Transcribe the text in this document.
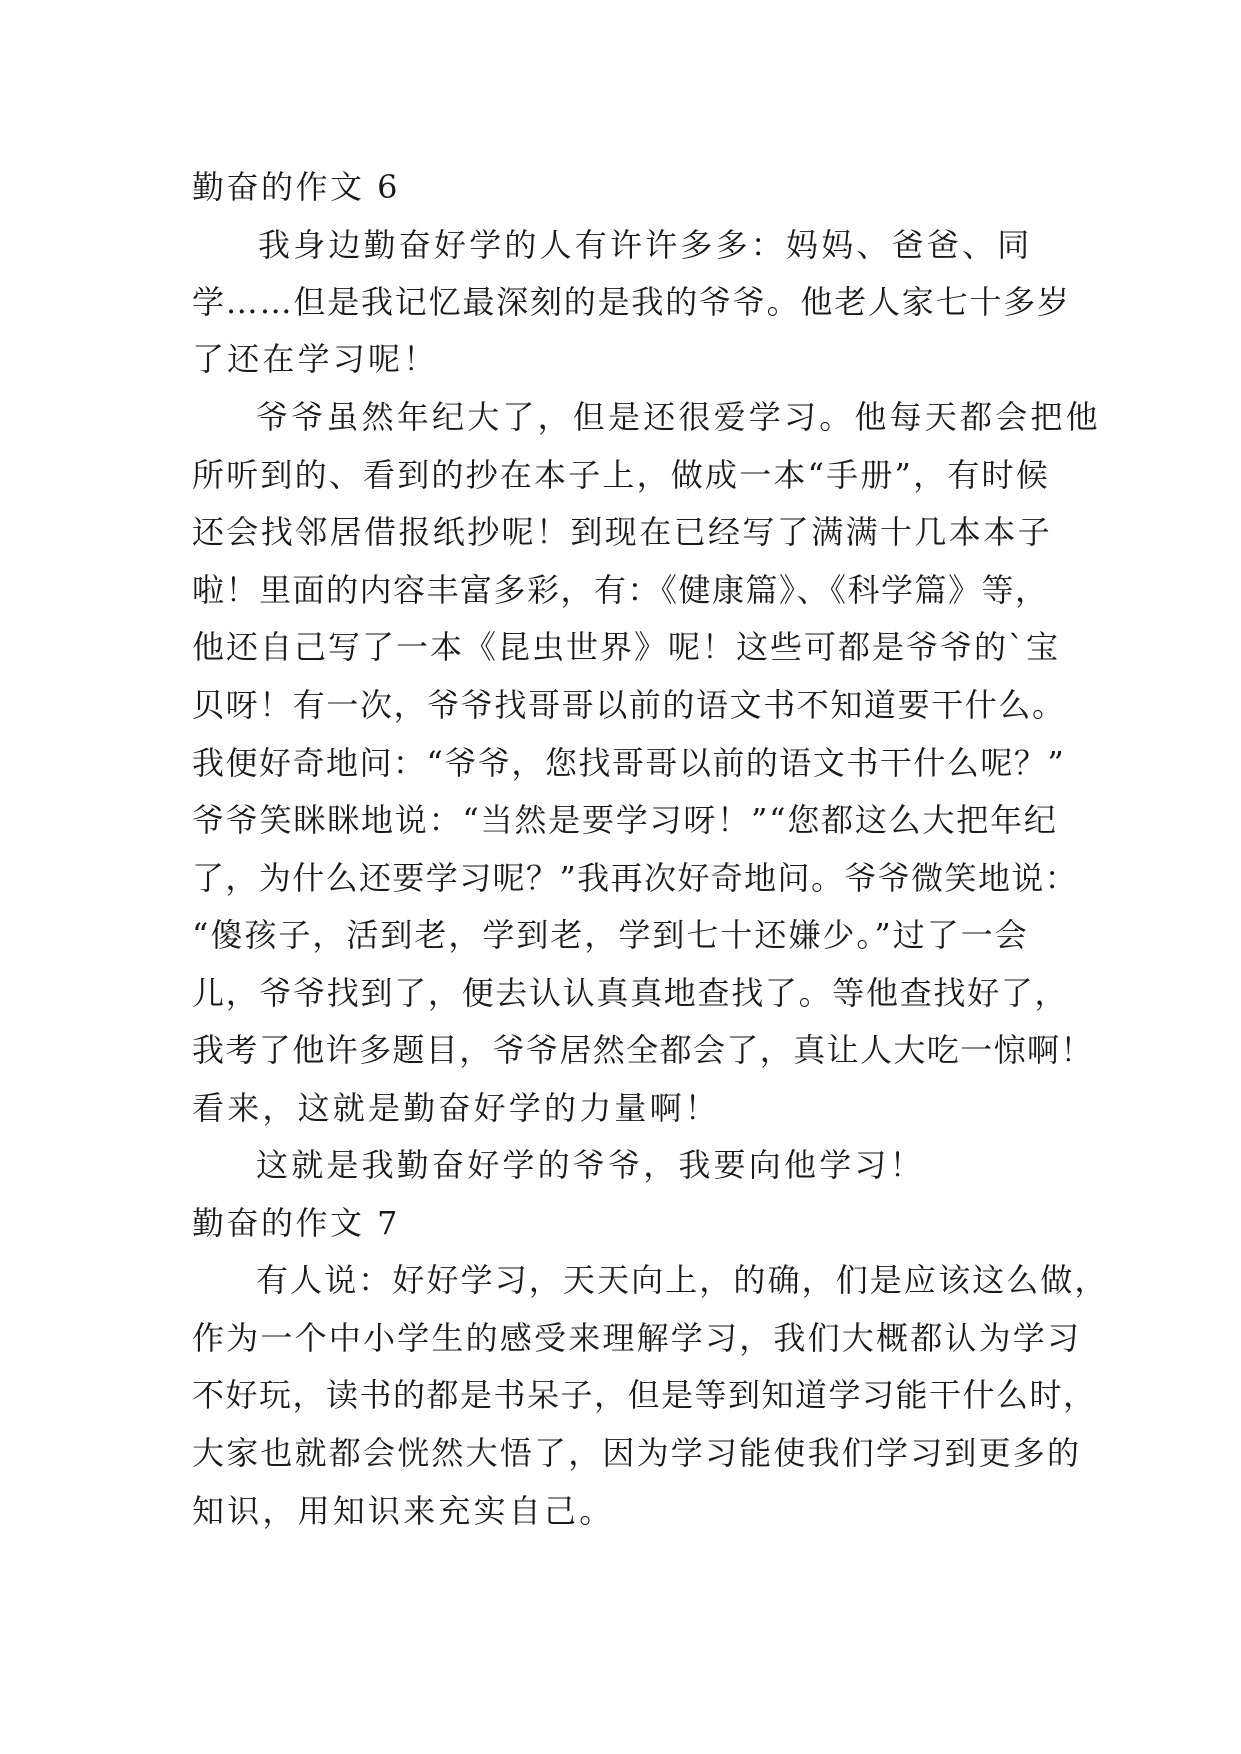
勤奋的作文 6
我身边勤奋好学的人有许许多多：妈妈、爸爸、同
学……但是我记忆最深刻的是我的爷爷。他老人家七十多岁
了还在学习呢！
爷爷虽然年纪大了，但是还很爱学习。他每天都会把他
所听到的、看到的抄在本子上，做成一本“手册”，有时候
还会找邻居借报纸抄呢！到现在已经写了满满十几本本子
啦！里面的内容丰富多彩，有：《健康篇》、《科学篇》等，
他还自己写了一本《昆虫世界》呢！这些可都是爷爷的`宝
贝呀！有一次，爷爷找哥哥以前的语文书不知道要干什么。
我便好奇地问：“爷爷，您找哥哥以前的语文书干什么呢？”
爷爷笑眯眯地说：“当然是要学习呀！”“您都这么大把年纪
了，为什么还要学习呢？”我再次好奇地问。爷爷微笑地说：
“傻孩子，活到老，学到老，学到七十还嫌少。”过了一会
儿，爷爷找到了，便去认认真真地查找了。等他查找好了，
我考了他许多题目，爷爷居然全都会了，真让人大吃一惊啊！
看来，这就是勤奋好学的力量啊！
这就是我勤奋好学的爷爷，我要向他学习！
勤奋的作文 7
有人说：好好学习，天天向上，的确，们是应该这么做，
作为一个中小学生的感受来理解学习，我们大概都认为学习
不好玩，读书的都是书呆子，但是等到知道学习能干什么时，
大家也就都会恍然大悟了，因为学习能使我们学习到更多的
知识，用知识来充实自己。
